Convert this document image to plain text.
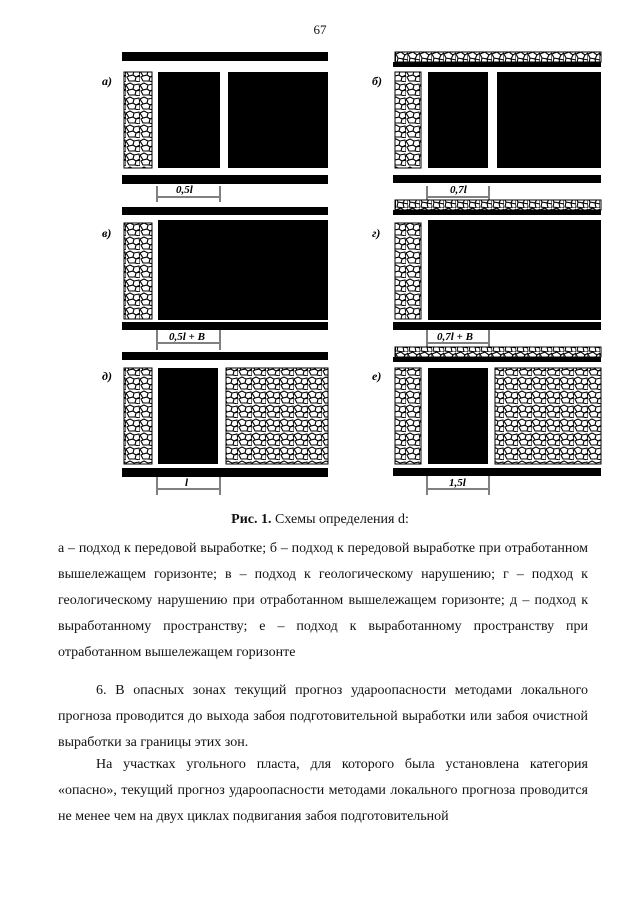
67
а)
0,5l
б)
0,7l
в)
0,5l + B
г)
0,7l + B
д)
l
е)
1,5l
Рис. 1. Схемы определения d:
а – подход к передовой выработке; б – подход к передовой выработке при отработанном вышележащем горизонте; в – подход к геологическому нарушению; г – подход к геологическому нарушению при отработанном вышележащем горизонте; д – подход к выработанному пространству; е – подход к выработанному пространству при отработанном вышележащем горизонте
6. В опасных зонах текущий прогноз удароопасности методами локального прогноза проводится до выхода забоя подготовительной выработки или забоя очистной выработки за границы этих зон.
На участках угольного пласта, для которого была установлена категория «опасно», текущий прогноз удароопасности методами локального прогноза проводится не менее чем на двух циклах подвигания забоя подготовительной
